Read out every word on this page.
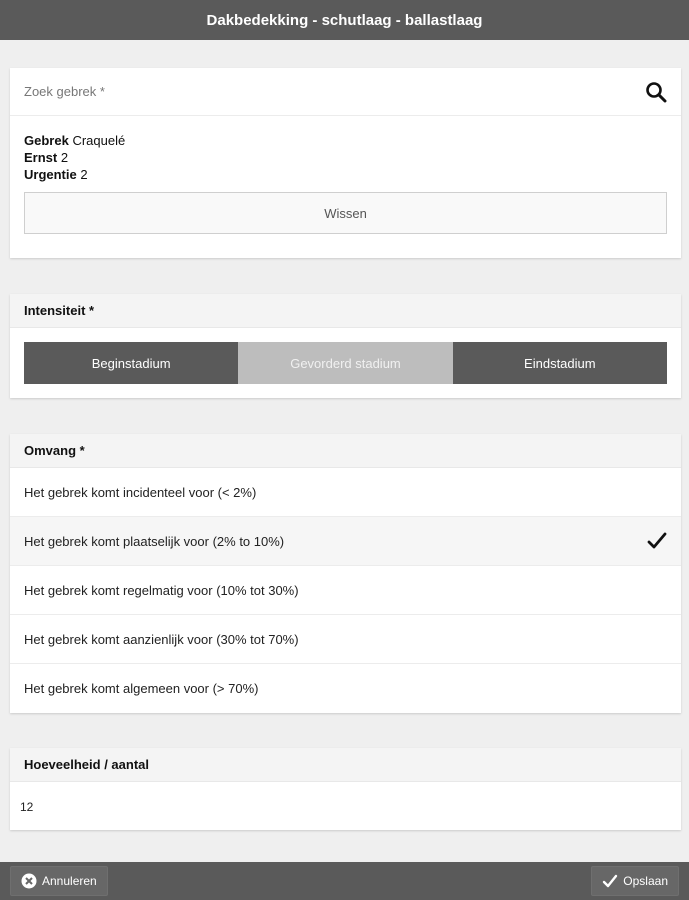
Dakbedekking - schutlaag - ballastlaag
Zoek gebrek *
Gebrek Craquelé
Ernst 2
Urgentie 2
Wissen
Intensiteit *
Beginstadium	Gevorderd stadium	Eindstadium
Omvang *
Het gebrek komt incidenteel voor (< 2%)
Het gebrek komt plaatselijk voor (2% to 10%)
Het gebrek komt regelmatig voor (10% tot 30%)
Het gebrek komt aanzienlijk voor (30% tot 70%)
Het gebrek komt algemeen voor (> 70%)
Hoeveelheid / aantal
12
Annuleren	Opslaan
